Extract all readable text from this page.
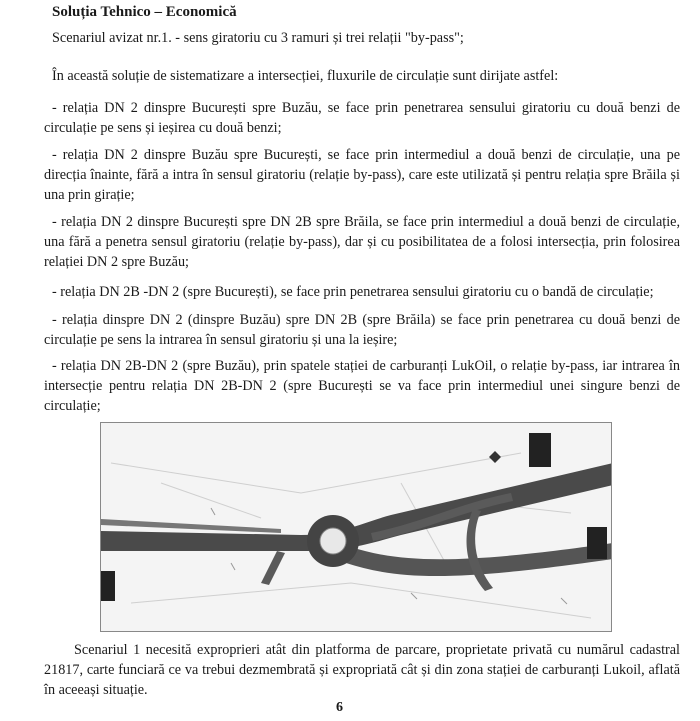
Soluția Tehnico – Economică
Scenariul avizat nr.1. - sens giratoriu cu 3 ramuri și trei relații "by-pass";
În această soluție de sistematizare a intersecției, fluxurile de circulație sunt dirijate astfel:
- relația DN 2 dinspre București spre Buzău, se face prin penetrarea sensului giratoriu cu două benzi de circulație pe sens și ieșirea cu două benzi;
- relația DN 2 dinspre Buzău spre București, se face prin intermediul a două benzi de circulație, una pe direcția înainte, fără a intra în sensul giratoriu (relație by-pass), care este utilizată și pentru relația spre Brăila și una prin girație;
- relația DN 2 dinspre București spre DN 2B spre Brăila, se face prin intermediul a două benzi de circulație, una fără a penetra sensul giratoriu (relație by-pass), dar și cu posibilitatea de a folosi intersecția, prin folosirea relației DN 2 spre Buzău;
- relația DN 2B -DN 2 (spre București), se face prin penetrarea sensului giratoriu cu o bandă de circulație;
- relația dinspre DN 2 (dinspre Buzău) spre DN 2B (spre Brăila) se face prin penetrarea cu două benzi de circulație pe sens la intrarea în sensul giratoriu și una la ieșire;
- relația DN 2B-DN 2 (spre Buzău), prin spatele stației de carburanți LukOil, o relație by-pass, iar intrarea în intersecție pentru relația DN 2B-DN 2 (spre București se va face prin intermediul unei singure benzi de circulație;
Scenariul 1 necesită exproprieri atât din platforma de parcare, proprietate privată cu numărul cadastral 21817, carte funciară ce va trebui dezmembrată și expropriată cât și din zona stației de carburanți Lukoil, aflată în aceeași situație.
6
